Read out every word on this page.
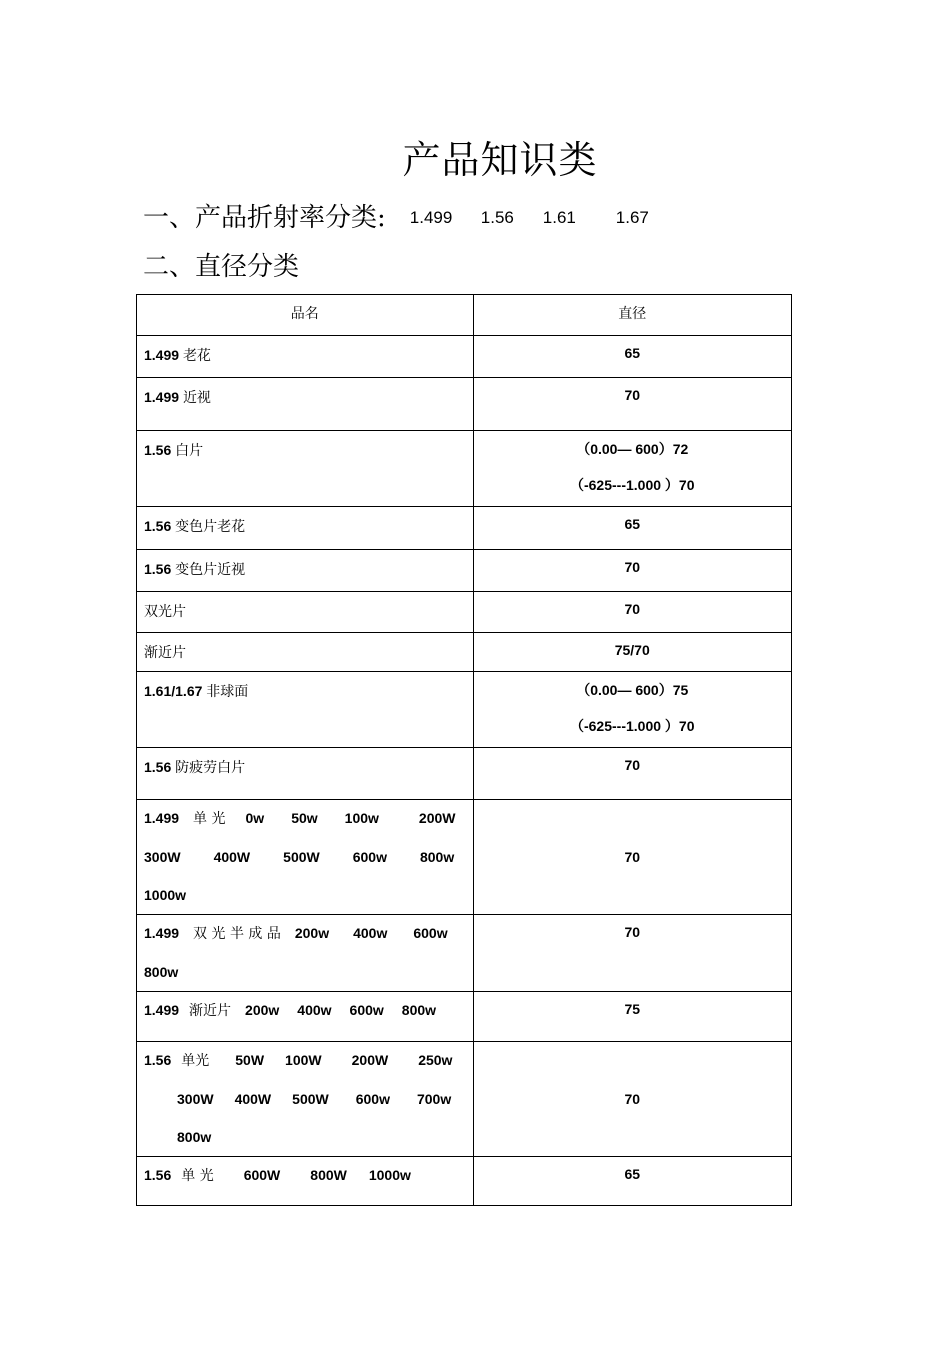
产品知识类
一、产品折射率分类: 1.499 1.56 1.61 1.67
二、直径分类
品名	直径

1.499 老花	65
1.499 近视	70
1.56 白片	（0.00— 600）72
（-625---1.000 ）70

1.56 变色片老花	65
1.56 变色片近视	70
双光片	70
渐近片	75/70
1.61/1.67 非球面	（0.00— 600）75
（-625---1.000 ）70

1.56 防疲劳白片	70

1.499 单 光 0w 50w 100w 200W
300W 400W 500W 600w 800w
1000w	70

1.499 双 光 半 成 品 200w 400w 600w
800w	70

1.499 渐近片 200w 400w 600w 800w	75

1.56 单光 50W 100W 200W 250w
300W 400W 500W 600w 700w
800w	70

1.56 单 光 600W 800W 1000w	65
